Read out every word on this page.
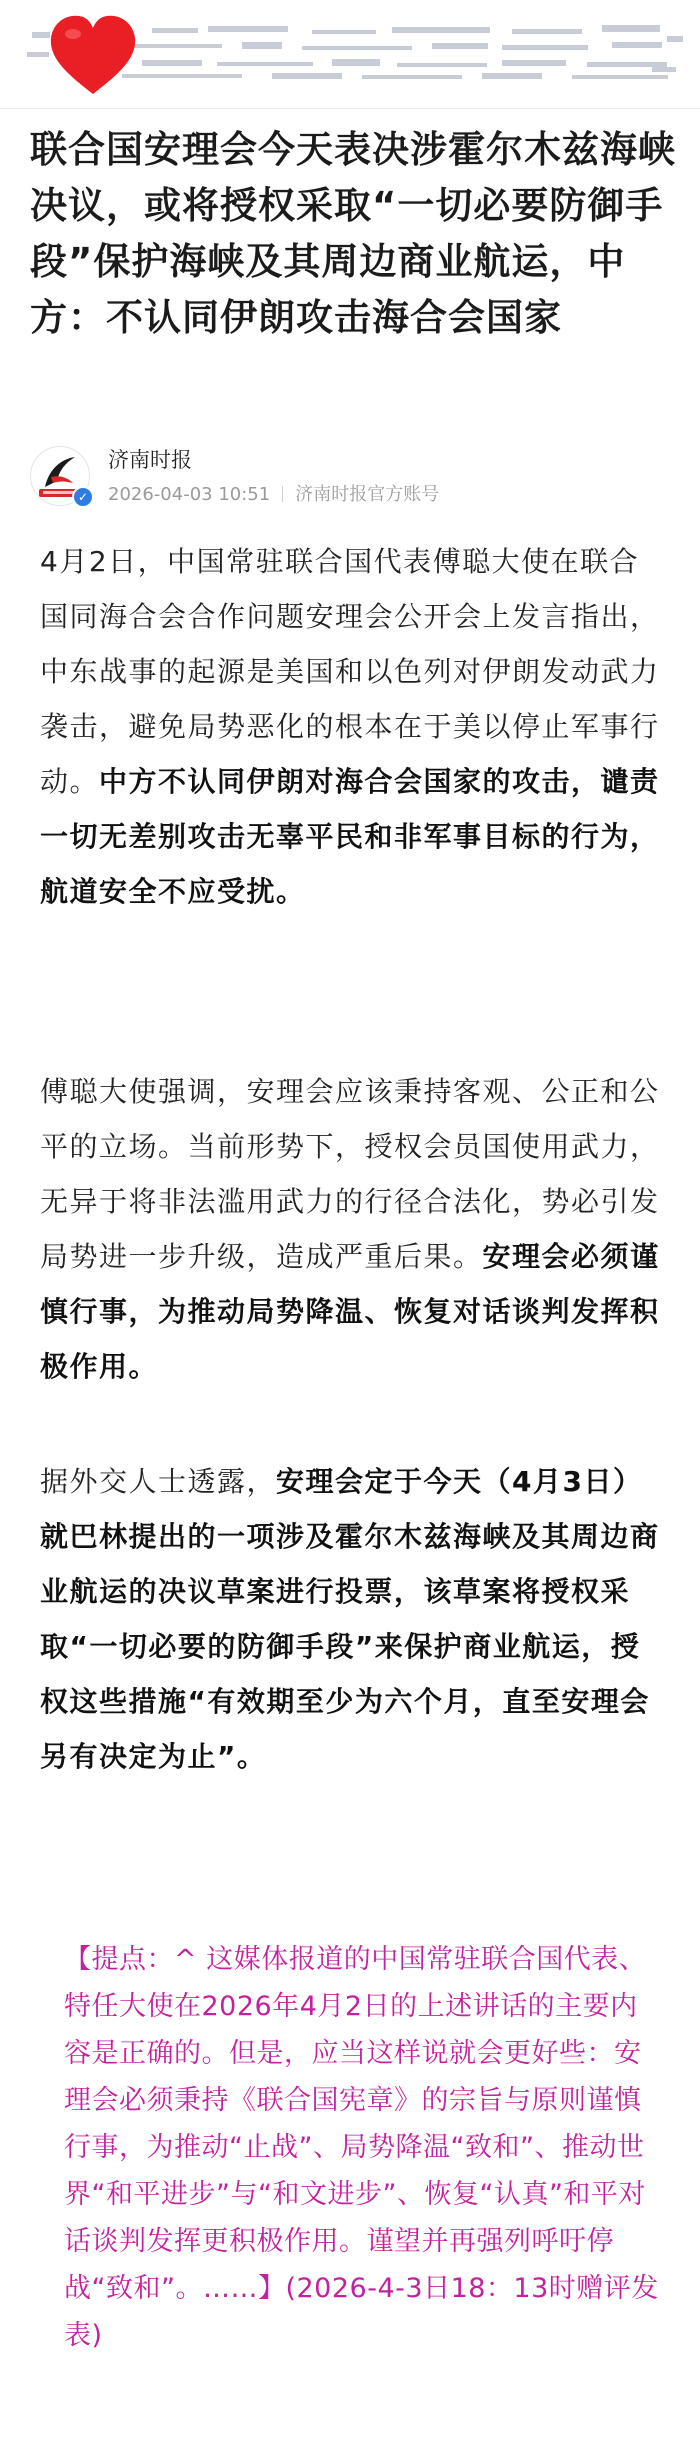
联合国安理会今天表决涉霍尔木兹海峡决议，或将授权采取“一切必要防御手段”保护海峡及其周边商业航运，中方：不认同伊朗攻击海合会国家
✓
济南时报
2026-04-03 10:51 济南时报官方账号

4月2日，中国常驻联合国代表傅聪大使在联合国同海合会合作问题安理会公开会上发言指出，中东战事的起源是美国和以色列对伊朗发动武力袭击，避免局势恶化的根本在于美以停止军事行动。中方不认同伊朗对海合会国家的攻击，谴责一切无差别攻击无辜平民和非军事目标的行为，航道安全不应受扰。

傅聪大使强调，安理会应该秉持客观、公正和公平的立场。当前形势下，授权会员国使用武力，无异于将非法滥用武力的行径合法化，势必引发局势进一步升级，造成严重后果。安理会必须谨慎行事，为推动局势降温、恢复对话谈判发挥积极作用。

据外交人士透露，安理会定于今天（4月3日）就巴林提出的一项涉及霍尔木兹海峡及其周边商业航运的决议草案进行投票，该草案将授权采取“一切必要的防御手段”来保护商业航运，授权这些措施“有效期至少为六个月，直至安理会另有决定为止”。

【提点：^ 这媒体报道的中国常驻联合国代表、特任大使在2026年4月2日的上述讲话的主要内容是正确的。但是，应当这样说就会更好些：安理会必须秉持《联合国宪章》的宗旨与原则谨慎行事，为推动“止战”、局势降温“致和”、推动世界“和平进步”与“和文进步”、恢复“认真”和平对话谈判发挥更积极作用。谨望并再强列呼吁停战“致和”。……】(2026-4-3日18：13时赠评发表)
